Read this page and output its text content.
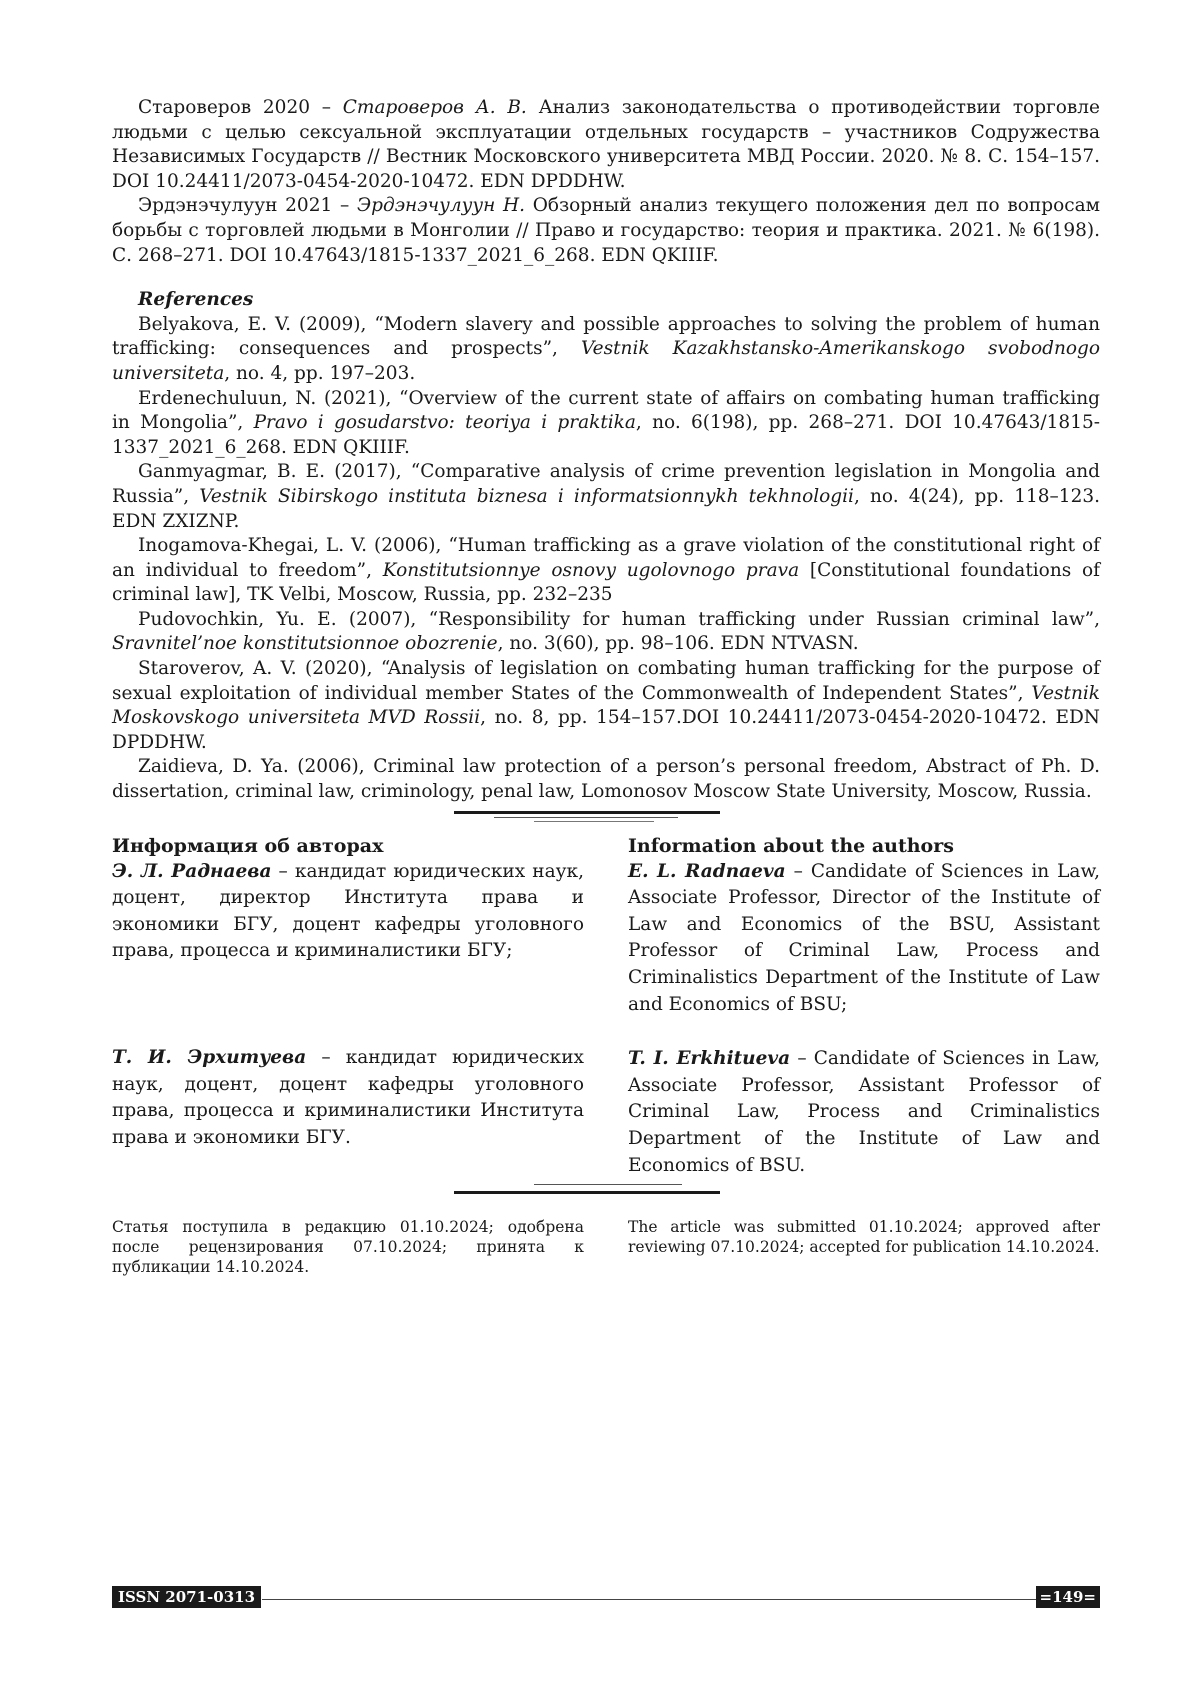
Староверов 2020 – Староверов А. В. Анализ законодательства о противодействии торговле людьми с целью сексуальной эксплуатации отдельных государств – участников Содружества Независимых Государств // Вестник Московского университета МВД России. 2020. № 8. С. 154–157. DOI 10.24411/2073-0454-2020-10472. EDN DPDDHW.

Эрдэнэчулуун 2021 – Эрдэнэчулуун Н. Обзорный анализ текущего положения дел по вопросам борьбы с торговлей людьми в Монголии // Право и государство: теория и практика. 2021. № 6(198). С. 268–271. DOI 10.47643/1815-1337_2021_6_268. EDN QKIIIF.

References

Belyakova, E. V. (2009), “Modern slavery and possible approaches to solving the problem of human trafficking: consequences and prospects”, Vestnik Kazakhstansko-Amerikanskogo svobodnogo universiteta, no. 4, pp. 197–203.

Erdenechuluun, N. (2021), “Overview of the current state of affairs on combating human trafficking in Mongolia”, Pravo i gosudarstvo: teoriya i praktika, no. 6(198), pp. 268–271. DOI 10.47643/1815-1337_2021_6_268. EDN QKIIIF.

Ganmyagmar, B. E. (2017), “Comparative analysis of crime prevention legislation in Mongolia and Russia”, Vestnik Sibirskogo instituta biznesa i informatsionnykh tekhnologii, no. 4(24), pp. 118–123. EDN ZXIZNP.

Inogamova-Khegai, L. V. (2006), “Human trafficking as a grave violation of the constitutional right of an individual to freedom”, Konstitutsionnye osnovy ugolovnogo prava [Constitutional foundations of criminal law], TK Velbi, Moscow, Russia, pp. 232–235

Pudovochkin, Yu. E. (2007), “Responsibility for human trafficking under Russian criminal law”, Sravnitel’noe konstitutsionnoe obozrenie, no. 3(60), pp. 98–106. EDN NTVASN.

Staroverov, A. V. (2020), “Analysis of legislation on combating human trafficking for the purpose of sexual exploitation of individual member States of the Commonwealth of Independent States”, Vestnik Moskovskogo universiteta MVD Rossii, no. 8, pp. 154–157.DOI 10.24411/2073-0454-2020-10472. EDN DPDDHW.

Zaidieva, D. Ya. (2006), Criminal law protection of a person’s personal freedom, Abstract of Ph. D. dissertation, criminal law, criminology, penal law, Lomonosov Moscow State University, Moscow, Russia.

Информация об авторах

Э. Л. Раднаева – кандидат юридических наук, доцент, директор Института права и экономики БГУ, доцент кафедры уголовного права, процесса и криминалистики БГУ;

Т. И. Эрхитуева – кандидат юридических наук, доцент, доцент кафедры уголовного права, процесса и криминалистики Института права и экономики БГУ.

Information about the authors

E. L. Radnaeva – Candidate of Sciences in Law, Associate Professor, Director of the Institute of Law and Economics of the BSU, Assistant Professor of Criminal Law, Process and Criminalistics Department of the Institute of Law and Economics of BSU;

T. I. Erkhitueva – Candidate of Sciences in Law, Associate Professor, Assistant Professor of Criminal Law, Process and Criminalistics Department of the Institute of Law and Economics of BSU.

Статья поступила в редакцию 01.10.2024; одобрена после рецензирования 07.10.2024; принята к публикации 14.10.2024.

The article was submitted 01.10.2024; approved after reviewing 07.10.2024; accepted for publication 14.10.2024.

ISSN 2071-0313	=149=
